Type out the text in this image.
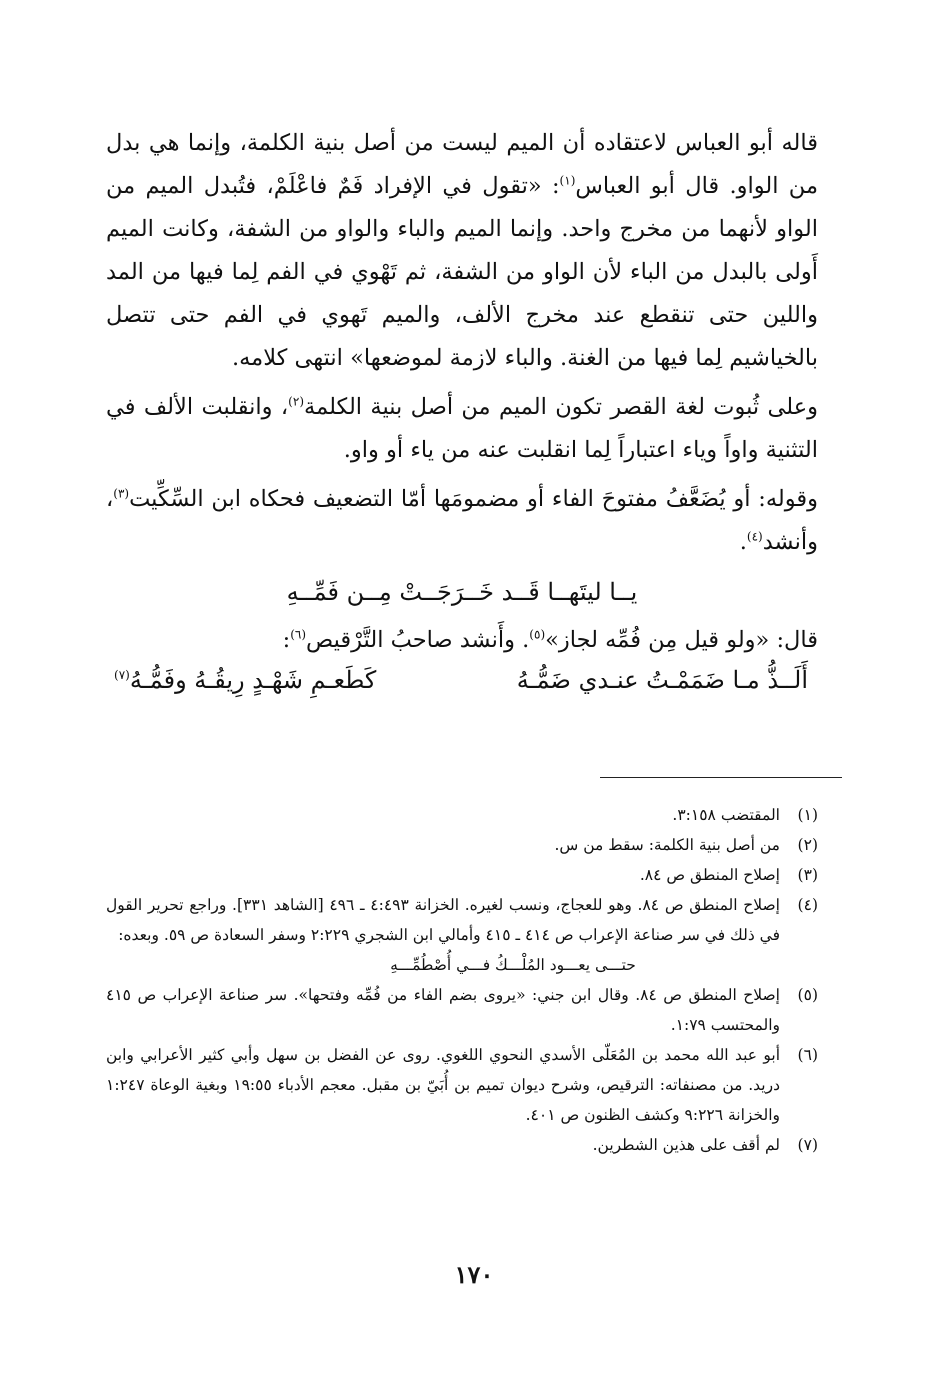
قاله أبو العباس لاعتقاده أن الميم ليست من أصل بنية الكلمة، وإنما هي بدل من الواو. قال أبو العباس$^{(١)}$: «تقول في الإفراد فَمٌ فاعْلَمْ، فتُبدل الميم من الواو لأنهما من مخرج واحد. وإنما الميم والباء والواو من الشفة، وكانت الميم أَولى بالبدل من الباء لأن الواو من الشفة، ثم تَهْوي في الفم لِما فيها من المد واللين حتى تنقطع عند مخرج الألف، والميم تَهوي في الفم حتى تتصل بالخياشيم لِما فيها من الغنة. والباء لازمة لموضعها» انتهى كلامه.

وعلى ثُبوت لغة القصر تكون الميم من أصل بنية الكلمة$^{(٢)}$، وانقلبت الألف في التثنية واواً وياء اعتباراً لِما انقلبت عنه من ياء أو واو.

وقوله: أو يُضَعَّفُ مفتوحَ الفاء أو مضمومَها أمّا التضعيف فحكاه ابن السِّكِّيت$^{(٣)}$، وأنشد$^{(٤)}$.

يــا ليتَهــا قَــد خَــرَجَــتْ مِــن فَمِّــهِ

قال: «ولو قيل مِن فُمِّه لجاز»$^{(٥)}$. وأَنشد صاحبُ التَّرْقيص$^{(٦)}$:

أَلَــذُّ مـا ضَمَمْـتُ عنـدي ضَمُّـهُ
كَطَعـمِ شَهْـدٍ رِيقُـهُ وفَمُّـهُ$^{(٧)}$
(١)
المقتضب ٣:١٥٨.
(٢)
من أصل بنية الكلمة: سقط من س.
(٣)
إصلاح المنطق ص ٨٤.
(٤)
إصلاح المنطق ص ٨٤. وهو للعجاج، ونسب لغيره. الخزانة ٤:٤٩٣ ـ ٤٩٦ [الشاهد ٣٣١]. وراجع تحرير القول في ذلك في سر صناعة الإعراب ص ٤١٤ ـ ٤١٥ وأمالي ابن الشجري ٢:٢٢٩ وسفر السعادة ص ٥٩. وبعده:
حتـــى يعـــود المُلْـــكُ فـــي أُصْطُمِّـــهِ
(٥)
إصلاح المنطق ص ٨٤. وقال ابن جني: «يروى بضم الفاء من فُمِّه وفتحها». سر صناعة الإعراب ص ٤١٥ والمحتسب ١:٧٩.
(٦)
أبو عبد الله محمد بن المُعَلّى الأسدي النحوي اللغوي. روى عن الفضل بن سهل وأبي كثير الأعرابي وابن دريد. من مصنفاته: الترقيص، وشرح ديوان تميم بن أُبَيّ بن مقبل. معجم الأدباء ١٩:٥٥ وبغية الوعاة ١:٢٤٧ والخزانة ٩:٢٢٦ وكشف الظنون ص ٤٠١.
(٧)
لم أقف على هذين الشطرين.
١٧٠
